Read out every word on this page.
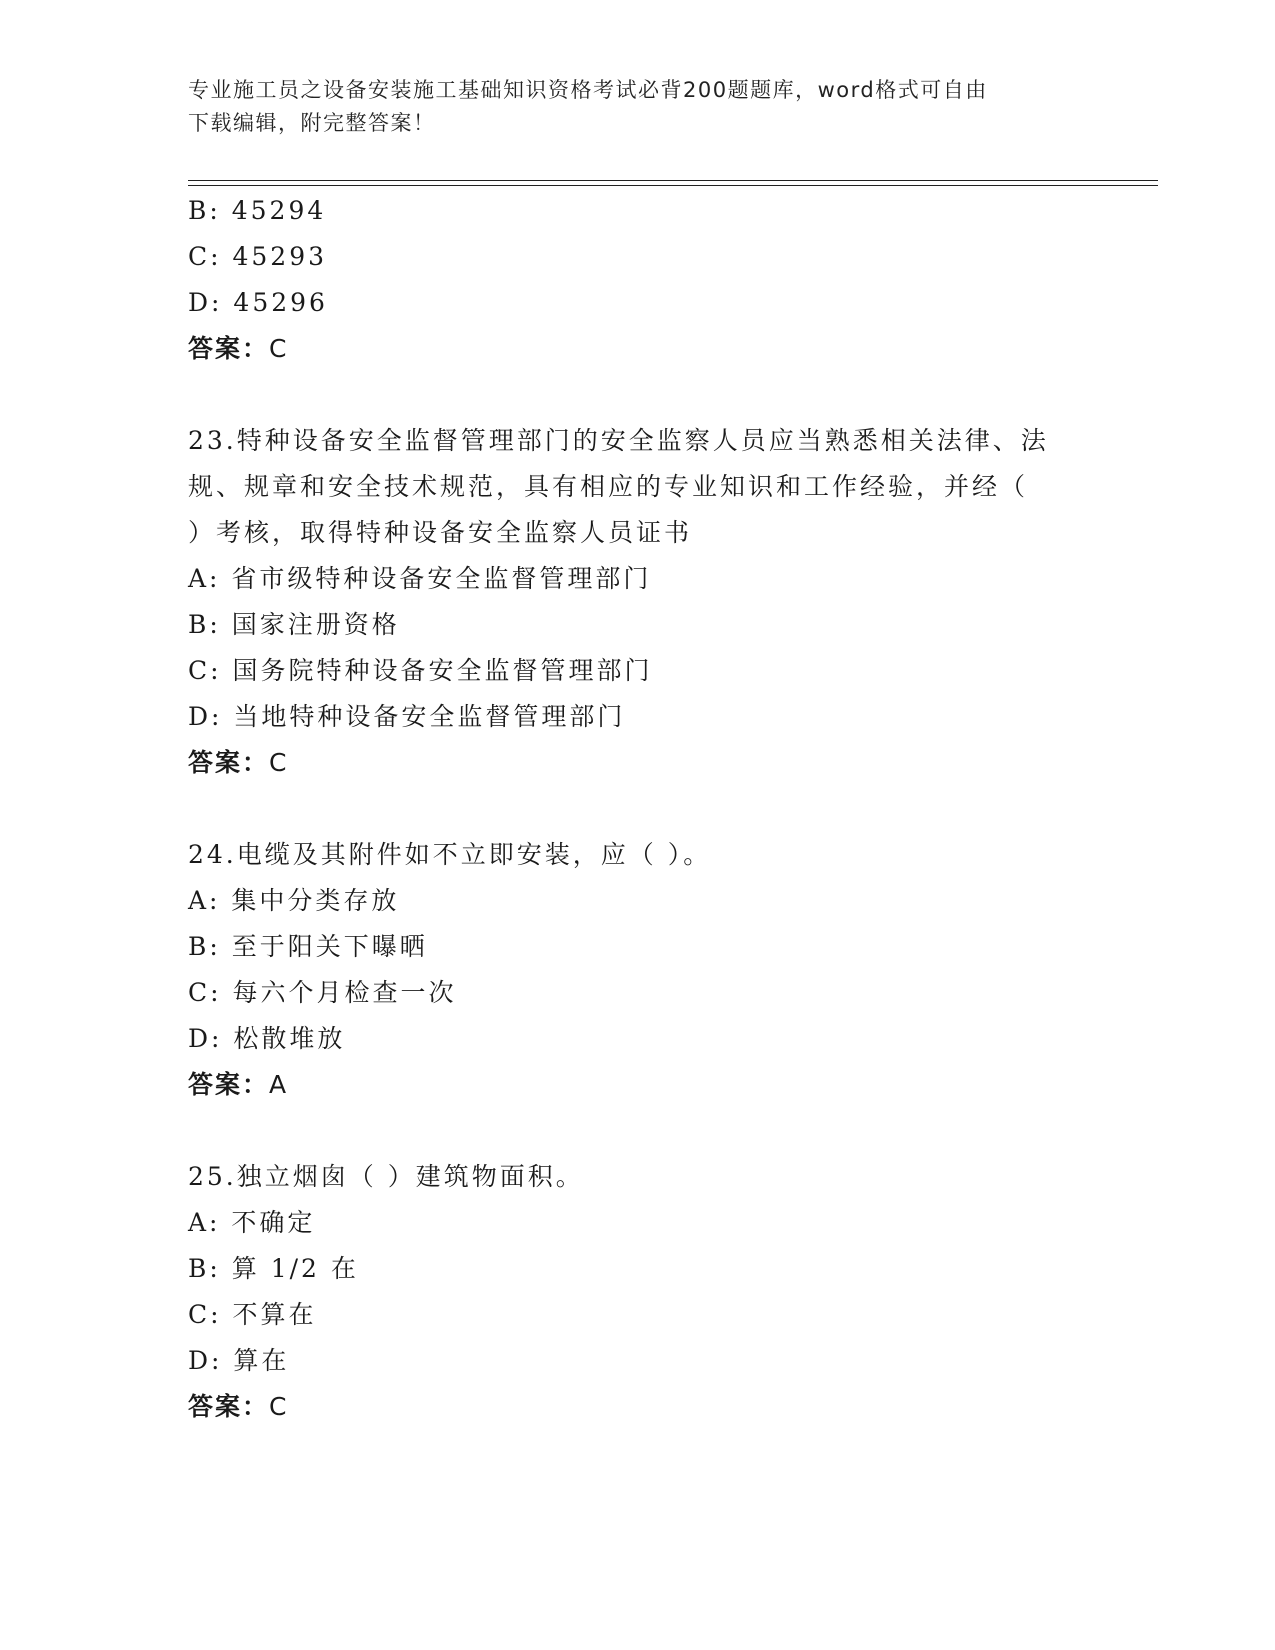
专业施工员之设备安装施工基础知识资格考试必背200题题库，word格式可自由
下载编辑，附完整答案！
B: 45294
C: 45293
D: 45296
答案：C
23.特种设备安全监督管理部门的安全监察人员应当熟悉相关法律、法
规、规章和安全技术规范，具有相应的专业知识和工作经验，并经（
）考核，取得特种设备安全监察人员证书
A: 省市级特种设备安全监督管理部门
B: 国家注册资格
C: 国务院特种设备安全监督管理部门
D: 当地特种设备安全监督管理部门
答案：C
24.电缆及其附件如不立即安装，应（ ）。
A: 集中分类存放
B: 至于阳关下曝晒
C: 每六个月检查一次
D: 松散堆放
答案：A
25.独立烟囱（ ）建筑物面积。
A: 不确定
B: 算 1/2 在
C: 不算在
D: 算在
答案：C
